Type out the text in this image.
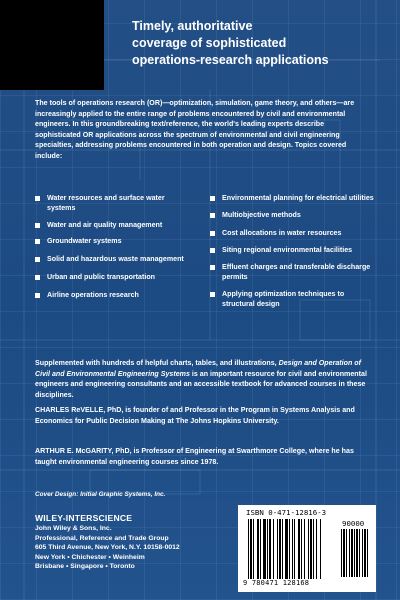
Timely, authoritative
coverage of sophisticated
operations-research applications
The tools of operations research (OR)—optimization, simulation, game theory, and others—are increasingly applied to the entire range of problems encountered by civil and environmental engineers. In this groundbreaking text/reference, the world's leading experts describe sophisticated OR applications across the spectrum of environmental and civil engineering specialties, addressing problems encountered in both operation and design. Topics covered include:
Water resources and surface water systems
Water and air quality management
Groundwater systems
Solid and hazardous waste management
Urban and public transportation
Airline operations research
Environmental planning for electrical utilities
Multiobjective methods
Cost allocations in water resources
Siting regional environmental facilities
Effluent charges and transferable discharge permits
Applying optimization techniques to structural design
Supplemented with hundreds of helpful charts, tables, and illustrations, Design and Operation of Civil and Environmental Engineering Systems is an important resource for civil and environmental engineers and engineering consultants and an accessible textbook for advanced courses in these disciplines.
CHARLES ReVELLE, PhD, is founder of and Professor in the Program in Systems Analysis and Economics for Public Decision Making at The Johns Hopkins University.
ARTHUR E. McGARITY, PhD, is Professor of Engineering at Swarthmore College, where he has taught environmental engineering courses since 1978.
Cover Design: Initial Graphic Systems, Inc.
WILEY-INTERSCIENCE
John Wiley & Sons, Inc.
Professional, Reference and Trade Group
605 Third Avenue, New York, N.Y. 10158-0012
New York • Chichester • Weinheim
Brisbane • Singapore • Toronto
ISBN 0-471-12816-3
90000
9 780471 128168
